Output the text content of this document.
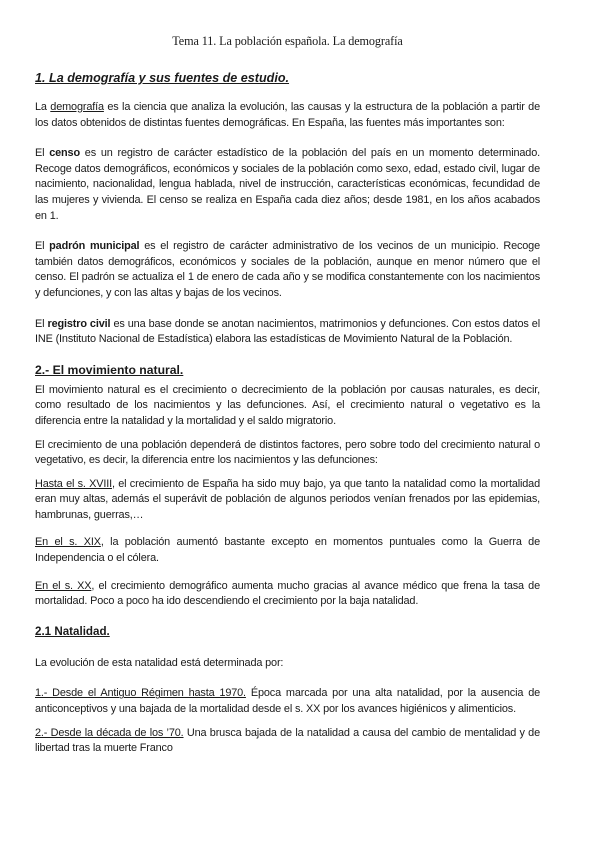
Tema 11. La población española. La demografía
1. La demografía y sus fuentes de estudio.

La demografía es la ciencia que analiza la evolución, las causas y la estructura de la población a partir de los datos obtenidos de distintas fuentes demográficas. En España, las fuentes más importantes son:

El censo es un registro de carácter estadístico de la población del país en un momento determinado. Recoge datos demográficos, económicos y sociales de la población como sexo, edad, estado civil, lugar de nacimiento, nacionalidad, lengua hablada, nivel de instrucción, características económicas, fecundidad de las mujeres y vivienda. El censo se realiza en España cada diez años; desde 1981, en los años acabados en 1.

El padrón municipal es el registro de carácter administrativo de los vecinos de un municipio. Recoge también datos demográficos, económicos y sociales de la población, aunque en menor número que el censo. El padrón se actualiza el 1 de enero de cada año y se modifica constantemente con los nacimientos y defunciones, y con las altas y bajas de los vecinos.

El registro civil es una base donde se anotan nacimientos, matrimonios y defunciones. Con estos datos el INE (Instituto Nacional de Estadística) elabora las estadísticas de Movimiento Natural de la Población.

2.- El movimiento natural.

El movimiento natural es el crecimiento o decrecimiento de la población por causas naturales, es decir, como resultado de los nacimientos y las defunciones. Así, el crecimiento natural o vegetativo es la diferencia entre la natalidad y la mortalidad y el saldo migratorio.

El crecimiento de una población dependerá de distintos factores, pero sobre todo del crecimiento natural o vegetativo, es decir, la diferencia entre los nacimientos y las defunciones:

Hasta el s. XVIII, el crecimiento de España ha sido muy bajo, ya que tanto la natalidad como la mortalidad eran muy altas, además el superávit de población de algunos periodos venían frenados por las epidemias, hambrunas, guerras,…

En el s. XIX, la población aumentó bastante excepto en momentos puntuales como la Guerra de Independencia o el cólera.

En el s. XX, el crecimiento demográfico aumenta mucho gracias al avance médico que frena la tasa de mortalidad. Poco a poco ha ido descendiendo el crecimiento por la baja natalidad.

2.1 Natalidad.

La evolución de esta natalidad está determinada por:

1.- Desde el Antiguo Régimen hasta 1970. Época marcada por una alta natalidad, por la ausencia de anticonceptivos y una bajada de la mortalidad desde el s. XX por los avances higiénicos y alimenticios.

2.- Desde la década de los ’70. Una brusca bajada de la natalidad a causa del cambio de mentalidad y de libertad tras la muerte Franco
